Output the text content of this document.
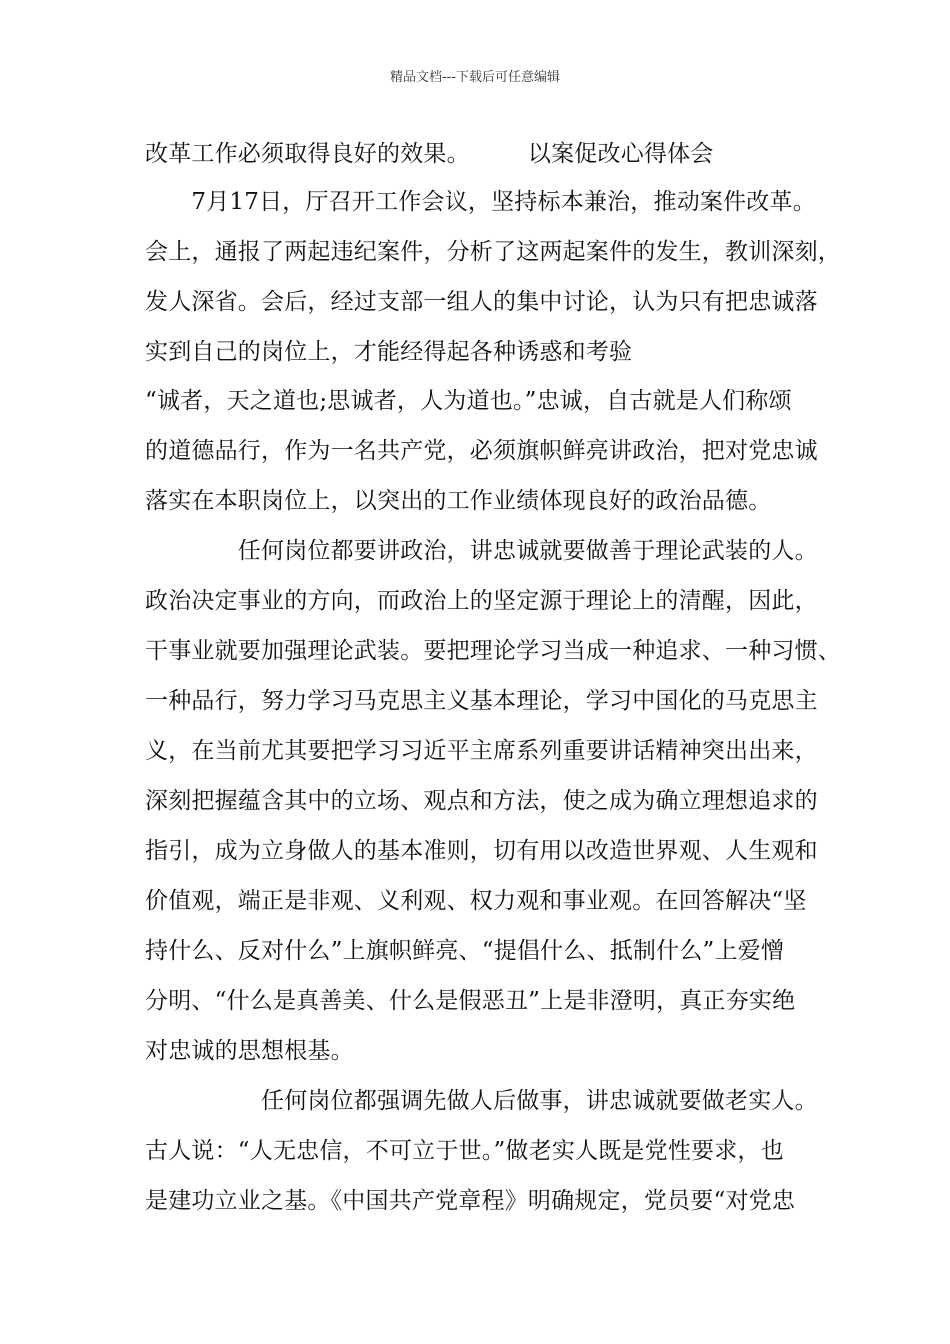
精品文档---下载后可任意编辑
改革工作必须取得良好的效果。　　　以案促改心得体会
　　7月17日，厅召开工作会议，坚持标本兼治，推动案件改革。
会上，通报了两起违纪案件，分析了这两起案件的发生，教训深刻，
发人深省。会后，经过支部一组人的集中讨论，认为只有把忠诚落
实到自己的岗位上，才能经得起各种诱惑和考验
“诚者，天之道也;思诚者，人为道也。”忠诚，自古就是人们称颂
的道德品行，作为一名共产党，必须旗帜鲜亮讲政治，把对党忠诚
落实在本职岗位上，以突出的工作业绩体现良好的政治品德。
　　　　任何岗位都要讲政治，讲忠诚就要做善于理论武装的人。
政治决定事业的方向，而政治上的坚定源于理论上的清醒，因此，
干事业就要加强理论武装。要把理论学习当成一种追求、一种习惯、
一种品行，努力学习马克思主义基本理论，学习中国化的马克思主
义，在当前尤其要把学习习近平主席系列重要讲话精神突出出来，
深刻把握蕴含其中的立场、观点和方法，使之成为确立理想追求的
指引，成为立身做人的基本准则，切有用以改造世界观、人生观和
价值观，端正是非观、义利观、权力观和事业观。在回答解决“坚
持什么、反对什么”上旗帜鲜亮、“提倡什么、抵制什么”上爱憎
分明、“什么是真善美、什么是假恶丑”上是非澄明，真正夯实绝
对忠诚的思想根基。
　　　　　任何岗位都强调先做人后做事，讲忠诚就要做老实人。
古人说：“人无忠信，不可立于世。”做老实人既是党性要求，也
是建功立业之基。《中国共产党章程》明确规定，党员要“对党忠
